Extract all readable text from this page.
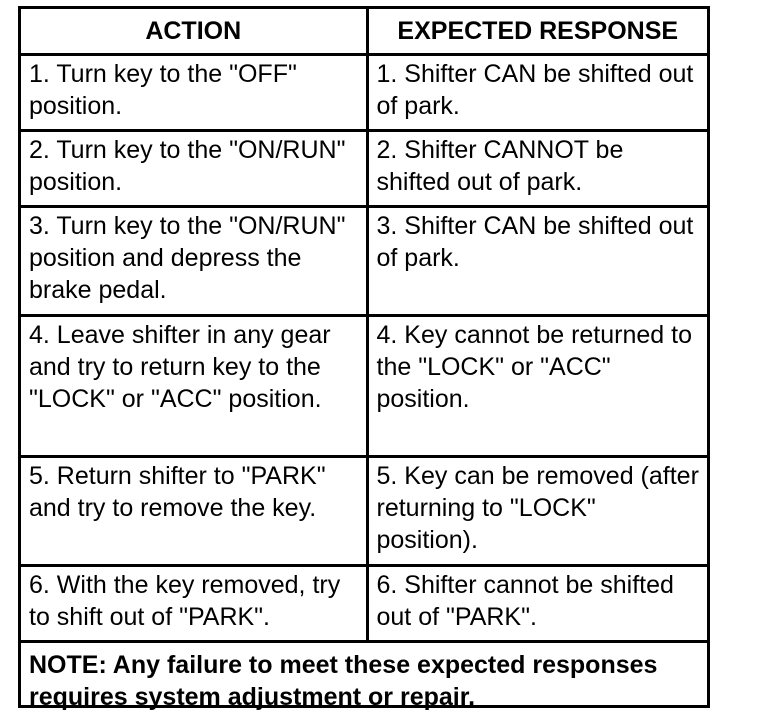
ACTION	EXPECTED RESPONSE
1. Turn key to the "OFF" position.	1. Shifter CAN be shifted out of park.
2. Turn key to the "ON/RUN" position.	2. Shifter CANNOT be shifted out of park.
3. Turn key to the "ON/RUN" position and depress the brake pedal.	3. Shifter CAN be shifted out of park.
4. Leave shifter in any gear and try to return key to the "LOCK" or "ACC" position.	4. Key cannot be returned to the "LOCK" or "ACC" position.
5. Return shifter to "PARK" and try to remove the key.	5. Key can be removed (after returning to "LOCK" position).
6. With the key removed, try to shift out of "PARK".	6. Shifter cannot be shifted out of "PARK".
NOTE: Any failure to meet these expected responses requires system adjustment or repair.	
